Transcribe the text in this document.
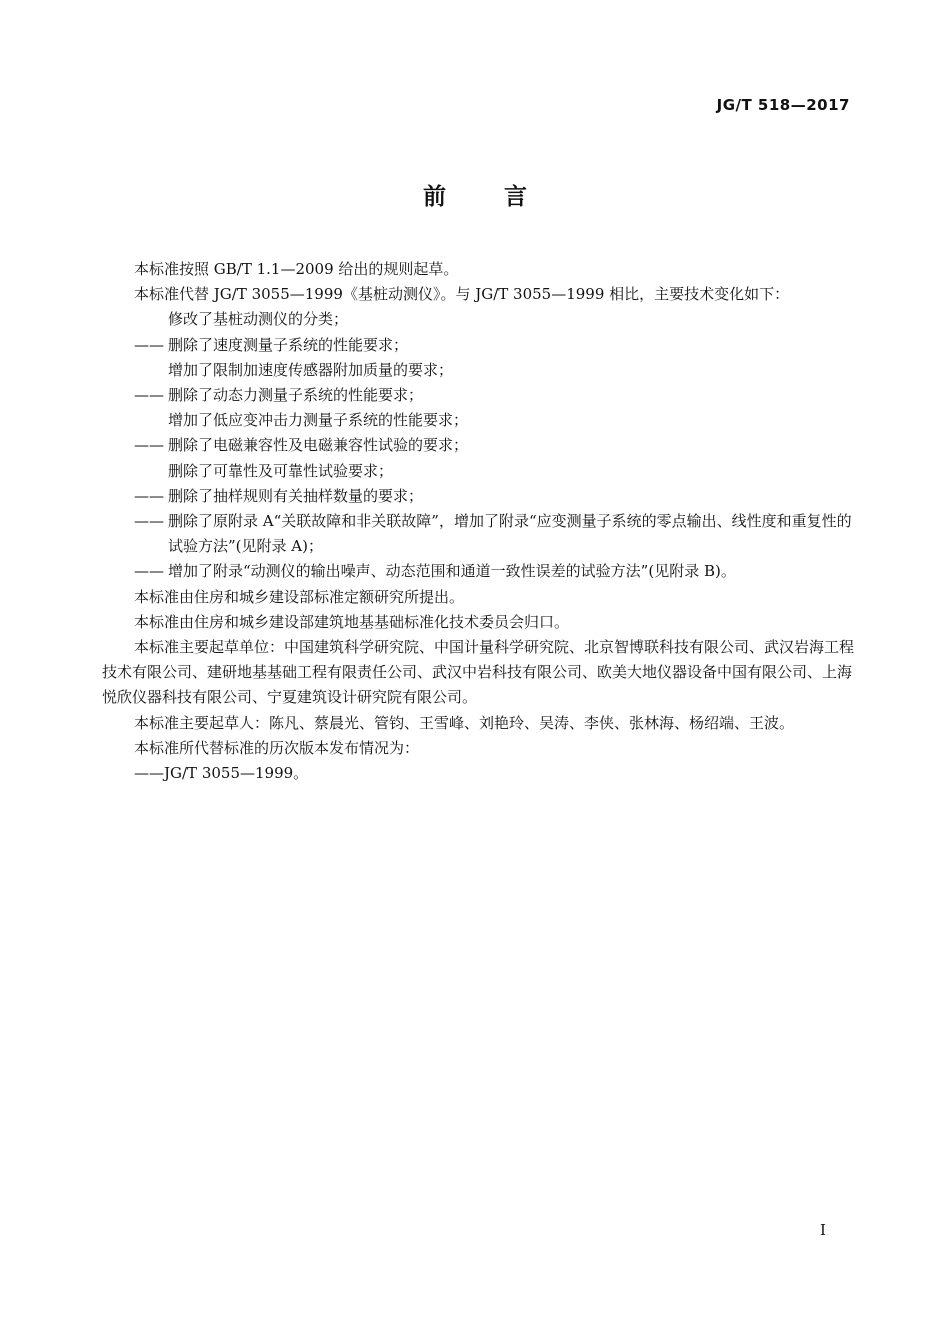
JG/T 518—2017
前言

本标准按照 GB/T 1.1—2009 给出的规则起草。

本标准代替 JG/T 3055—1999《基桩动测仪》。与 JG/T 3055—1999 相比，主要技术变化如下：

修改了基桩动测仪的分类；
—— 删除了速度测量子系统的性能要求；
增加了限制加速度传感器附加质量的要求；
—— 删除了动态力测量子系统的性能要求；
增加了低应变冲击力测量子系统的性能要求；
—— 删除了电磁兼容性及电磁兼容性试验的要求；
删除了可靠性及可靠性试验要求；
—— 删除了抽样规则有关抽样数量的要求；
—— 删除了原附录 A“关联故障和非关联故障”，增加了附录“应变测量子系统的零点输出、线性度和重复性的试验方法”(见附录 A)；
—— 增加了附录“动测仪的输出噪声、动态范围和通道一致性误差的试验方法”(见附录 B)。

本标准由住房和城乡建设部标准定额研究所提出。

本标准由住房和城乡建设部建筑地基基础标准化技术委员会归口。

本标准主要起草单位：中国建筑科学研究院、中国计量科学研究院、北京智博联科技有限公司、武汉岩海工程技术有限公司、建研地基基础工程有限责任公司、武汉中岩科技有限公司、欧美大地仪器设备中国有限公司、上海悦欣仪器科技有限公司、宁夏建筑设计研究院有限公司。

本标准主要起草人：陈凡、蔡晨光、管钧、王雪峰、刘艳玲、吴涛、李侠、张林海、杨绍端、王波。

本标准所代替标准的历次版本发布情况为：

——JG/T 3055—1999。

I
